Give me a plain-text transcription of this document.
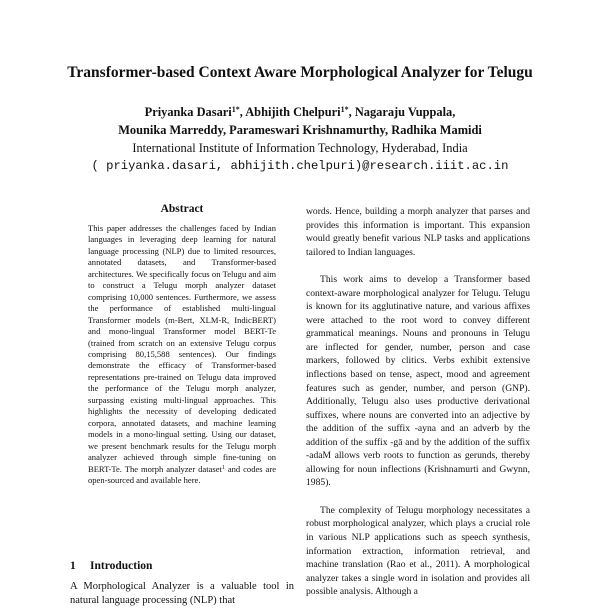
Transformer-based Context Aware Morphological Analyzer for Telugu
Priyanka Dasari$^{1*}$, Abhijith Chelpuri$^{1*}$, Nagaraju Vuppala,
Mounika Marreddy, Parameswari Krishnamurthy, Radhika Mamidi
International Institute of Information Technology, Hyderabad, India
( priyanka.dasari, abhijith.chelpuri)@research.iiit.ac.in
Abstract

This paper addresses the challenges faced by Indian languages in leveraging deep learning for natural language processing (NLP) due to limited resources, annotated datasets, and Transformer-based architectures. We specifically focus on Telugu and aim to construct a Telugu morph analyzer dataset comprising 10,000 sentences. Furthermore, we assess the performance of established multi-lingual Transformer models (m-Bert, XLM-R, IndicBERT) and mono-lingual Transformer model BERT-Te (trained from scratch on an extensive Telugu corpus comprising 80,15,588 sentences). Our findings demonstrate the efficacy of Transformer-based representations pre-trained on Telugu data improved the performance of the Telugu morph analyzer, surpassing existing multi-lingual approaches. This highlights the necessity of developing dedicated corpora, annotated datasets, and machine learning models in a mono-lingual setting. Using our dataset, we present benchmark results for the Telugu morph analyzer achieved through simple fine-tuning on BERT-Te. The morph analyzer dataset$^1$ and codes are open-sourced and available here.

1 Introduction

A Morphological Analyzer is a valuable tool in natural language processing (NLP) that

words. Hence, building a morph analyzer that parses and provides this information is important. This expansion would greatly benefit various NLP tasks and applications tailored to Indian languages.

This work aims to develop a Transformer based context-aware morphological analyzer for Telugu. Telugu is known for its agglutinative nature, and various affixes were attached to the root word to convey different grammatical meanings. Nouns and pronouns in Telugu are inflected for gender, number, person and case markers, followed by clitics. Verbs exhibit extensive inflections based on tense, aspect, mood and agreement features such as gender, number, and person (GNP). Additionally, Telugu also uses productive derivational suffixes, where nouns are converted into an adjective by the addition of the suffix -ayna and an adverb by the addition of the suffix -gā and by the addition of the suffix -adaM allows verb roots to function as gerunds, thereby allowing for noun inflections (Krishnamurti and Gwynn, 1985).

The complexity of Telugu morphology necessitates a robust morphological analyzer, which plays a crucial role in various NLP applications such as speech synthesis, information extraction, information retrieval, and machine translation (Rao et al., 2011). A morphological analyzer takes a single word in isolation and provides all possible analysis. Although a
